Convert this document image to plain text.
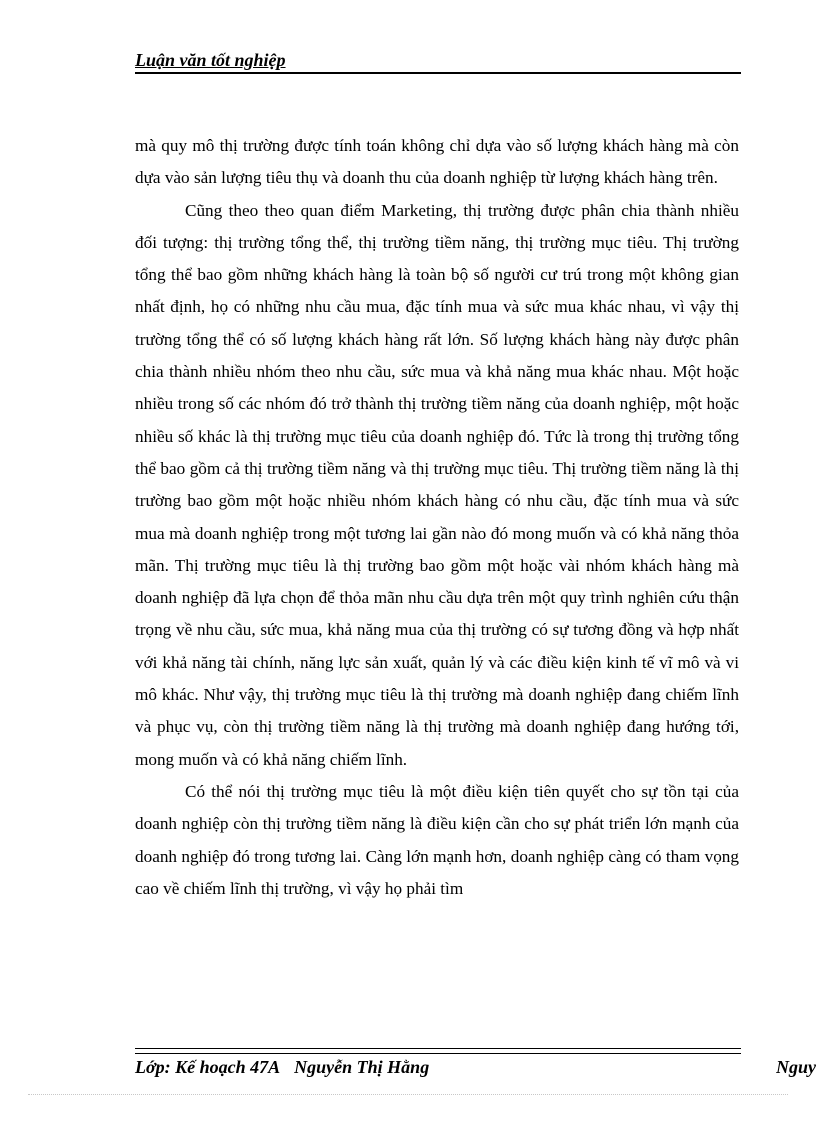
Luận văn tốt nghiệp

mà quy mô thị trường được tính toán không chỉ dựa vào số lượng khách hàng mà còn dựa vào sản lượng tiêu thụ và doanh thu của doanh nghiệp từ lượng khách hàng trên.

Cũng theo theo quan điểm Marketing, thị trường được phân chia thành nhiều đối tượng: thị trường tổng thể, thị trường tiềm năng, thị trường mục tiêu. Thị trường tổng thể bao gồm những khách hàng là toàn bộ số người cư trú trong một không gian nhất định, họ có những nhu cầu mua, đặc tính mua và sức mua khác nhau, vì vậy thị trường tổng thể có số lượng khách hàng rất lớn. Số lượng khách hàng này được phân chia thành nhiều nhóm theo nhu cầu, sức mua và khả năng mua khác nhau. Một hoặc nhiều trong số các nhóm đó trở thành thị trường tiềm năng của doanh nghiệp, một hoặc nhiều số khác là thị trường mục tiêu của doanh nghiệp đó. Tức là trong thị trường tổng thể bao gồm cả thị trường tiềm năng và thị trường mục tiêu. Thị trường tiềm năng là thị trường bao gồm một hoặc nhiều nhóm khách hàng có nhu cầu, đặc tính mua và sức mua mà doanh nghiệp trong một tương lai gần nào đó mong muốn và có khả năng thỏa mãn. Thị trường mục tiêu là thị trường bao gồm một hoặc vài nhóm khách hàng mà doanh nghiệp đã lựa chọn để thỏa mãn nhu cầu dựa trên một quy trình nghiên cứu thận trọng về nhu cầu, sức mua, khả năng mua của thị trường có sự tương đồng và hợp nhất với khả năng tài chính, năng lực sản xuất, quản lý và các điều kiện kinh tế vĩ mô và vi mô khác. Như vậy, thị trường mục tiêu là thị trường mà doanh nghiệp đang chiếm lĩnh và phục vụ, còn thị trường tiềm năng là thị trường mà doanh nghiệp đang hướng tới, mong muốn và có khả năng chiếm lĩnh.

Có thể nói thị trường mục tiêu là một điều kiện tiên quyết cho sự tồn tại của doanh nghiệp còn thị trường tiềm năng là điều kiện cần cho sự phát triển lớn mạnh của doanh nghiệp đó trong tương lai. Càng lớn mạnh hơn, doanh nghiệp càng có tham vọng cao về chiếm lĩnh thị trường, vì vậy họ phải tìm

Lớp: Kế hoạch 47A Nguyễn Thị Hằng	Nguy
